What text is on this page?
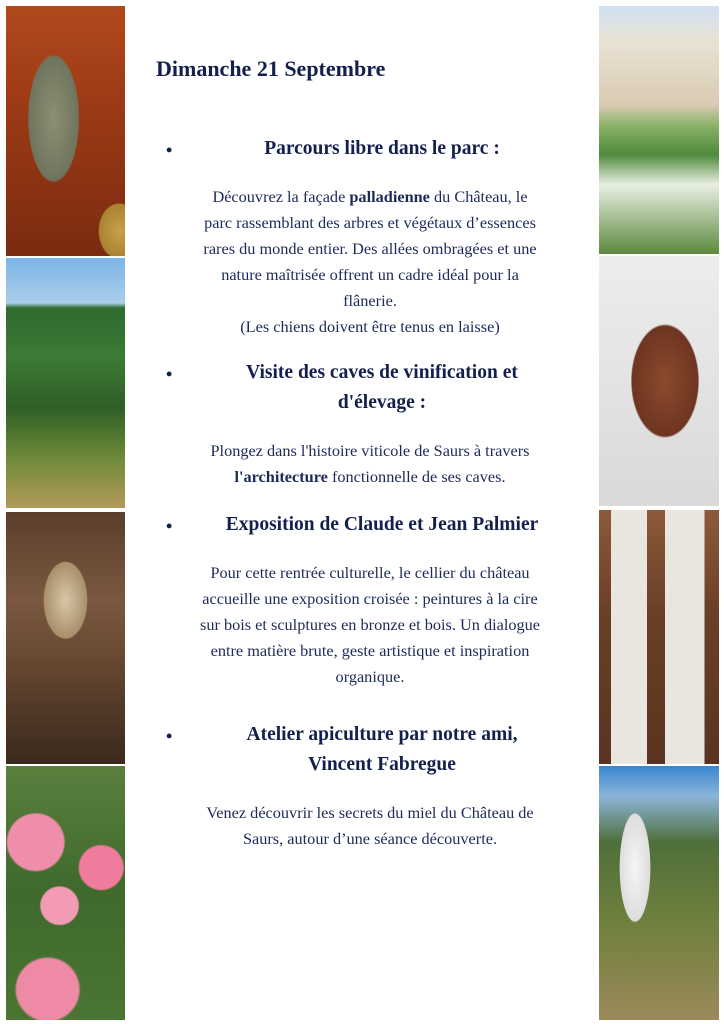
Dimanche 21 Septembre
•	Parcours libre dans le parc :

Découvrez la façade palladienne du Château, le
parc rassemblant des arbres et végétaux d’essences
rares du monde entier. Des allées ombragées et une
nature maîtrisée offrent un cadre idéal pour la
flânerie.
(Les chiens doivent être tenus en laisse)

•	Visite des caves de vinification et
d'élevage :

Plongez dans l'histoire viticole de Saurs à travers
l'architecture fonctionnelle de ses caves.

•	Exposition de Claude et Jean Palmier

Pour cette rentrée culturelle, le cellier du château
accueille une exposition croisée : peintures à la cire
sur bois et sculptures en bronze et bois. Un dialogue
entre matière brute, geste artistique et inspiration
organique.

•	Atelier apiculture par notre ami,
Vincent Fabregue

Venez découvrir les secrets du miel du Château de
Saurs, autour d’une séance découverte.
